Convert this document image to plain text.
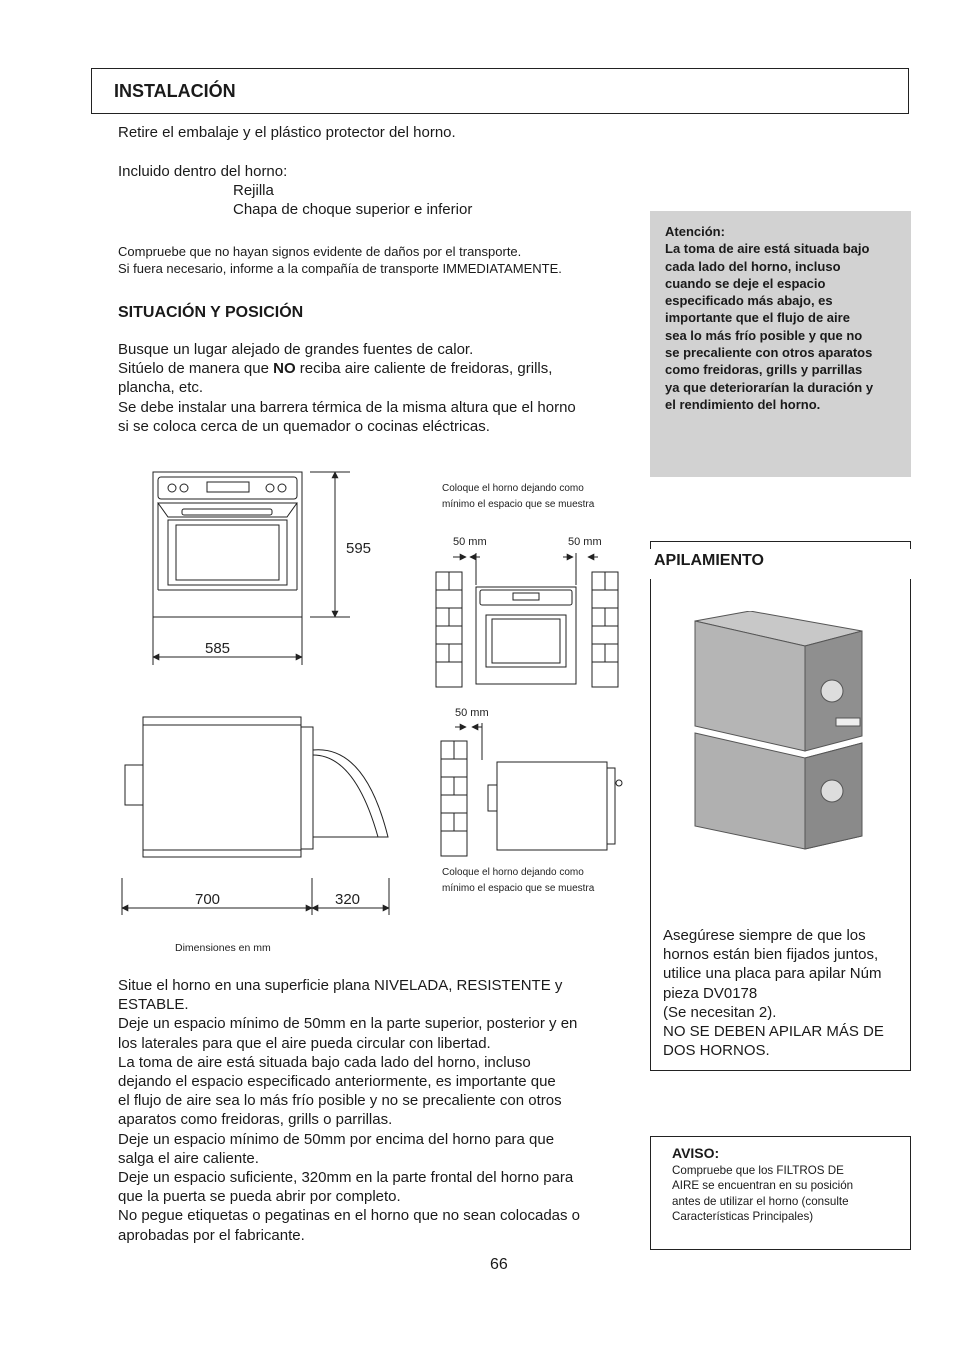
INSTALACIÓN
Retire el embalaje y el plástico protector del horno.
Incluido dentro del horno:
Rejilla
Chapa de choque superior e inferior
Compruebe que no hayan signos evidente de daños por el transporte.
Si fuera necesario, informe a la compañía de transporte IMMEDIATAMENTE.
SITUACIÓN Y POSICIÓN
Busque un lugar alejado de grandes fuentes de calor.
Sitúelo de manera que NO reciba aire caliente de freidoras, grills,
plancha, etc.
Se debe instalar una barrera térmica de la misma altura que el horno
si se coloca cerca de un quemador o cocinas eléctricas.
Atención:
La toma de aire está situada bajo
cada lado del horno, incluso
cuando se deje el espacio
especificado más abajo, es
importante que el flujo de aire
sea lo más frío posible y que no
se precaliente con otros aparatos
como freidoras, grills y parrillas
ya que deteriorarían la duración y
el rendimiento del horno.
595
585
700	320
50 mm	50 mm
50 mm
Coloque el horno dejando como
mínimo el espacio que se muestra
Coloque el horno dejando como
mínimo el espacio que se muestra
Dimensiones en mm
Situe el horno en una superficie plana NIVELADA, RESISTENTE y
ESTABLE.
Deje un espacio mínimo de 50mm en la parte superior, posterior y en
los laterales para que el aire pueda circular con libertad.
La toma de aire está situada bajo cada lado del horno, incluso
dejando el espacio especificado anteriormente, es importante que
el flujo de aire sea lo más frío posible y no se precaliente con otros
aparatos como freidoras, grills o parrillas.
Deje un espacio mínimo de 50mm por encima del horno para que
salga el aire caliente.
Deje un espacio suficiente, 320mm en la parte frontal del horno para
que la puerta se pueda abrir por completo.
No pegue etiquetas o pegatinas en el horno que no sean colocadas o
aprobadas por el fabricante.
APILAMIENTO
Asegúrese siempre de que los
hornos están bien fijados juntos,
utilice una placa para apilar Núm
pieza DV0178
(Se necesitan 2).
NO SE DEBEN APILAR MÁS DE
DOS HORNOS.
AVISO:
Compruebe que los FILTROS DE
AIRE se encuentran en su posición
antes de utilizar el horno (consulte
Características Principales)
66
